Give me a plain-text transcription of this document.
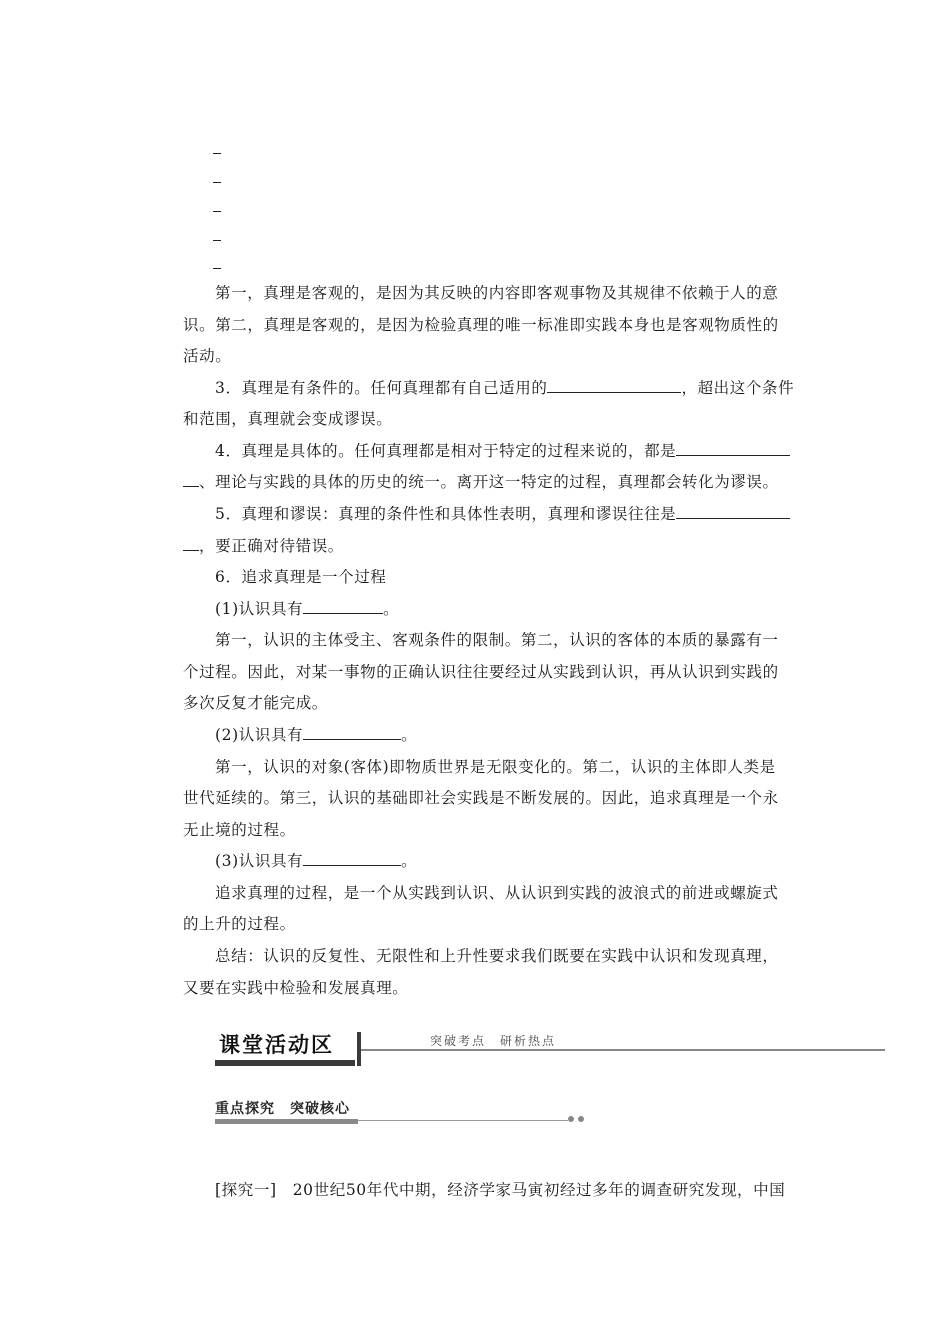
第一，真理是客观的，是因为其反映的内容即客观事物及其规律不依赖于人的意
识。第二，真理是客观的，是因为检验真理的唯一标准即实践本身也是客观物质性的
活动。
3．真理是有条件的。任何真理都有自己适用的	，超出这个条件
和范围，真理就会变成谬误。
4．真理是具体的。任何真理都是相对于特定的过程来说的，都是
、理论与实践的具体的历史的统一。离开这一特定的过程，真理都会转化为谬误。
5．真理和谬误：真理的条件性和具体性表明，真理和谬误往往是
，要正确对待错误。
6．追求真理是一个过程
(1)认识具有	。
第一，认识的主体受主、客观条件的限制。第二，认识的客体的本质的暴露有一
个过程。因此，对某一事物的正确认识往往要经过从实践到认识，再从认识到实践的
多次反复才能完成。
(2)认识具有	。
第一，认识的对象(客体)即物质世界是无限变化的。第二，认识的主体即人类是
世代延续的。第三，认识的基础即社会实践是不断发展的。因此，追求真理是一个永
无止境的过程。
(3)认识具有	。
追求真理的过程，是一个从实践到认识、从认识到实践的波浪式的前进或螺旋式
的上升的过程。
总结：认识的反复性、无限性和上升性要求我们既要在实践中认识和发现真理，
又要在实践中检验和发展真理。
课堂活动区	突破考点　研析热点
重点探究　突破核心
[探究一]　20世纪50年代中期，经济学家马寅初经过多年的调查研究发现，中国
